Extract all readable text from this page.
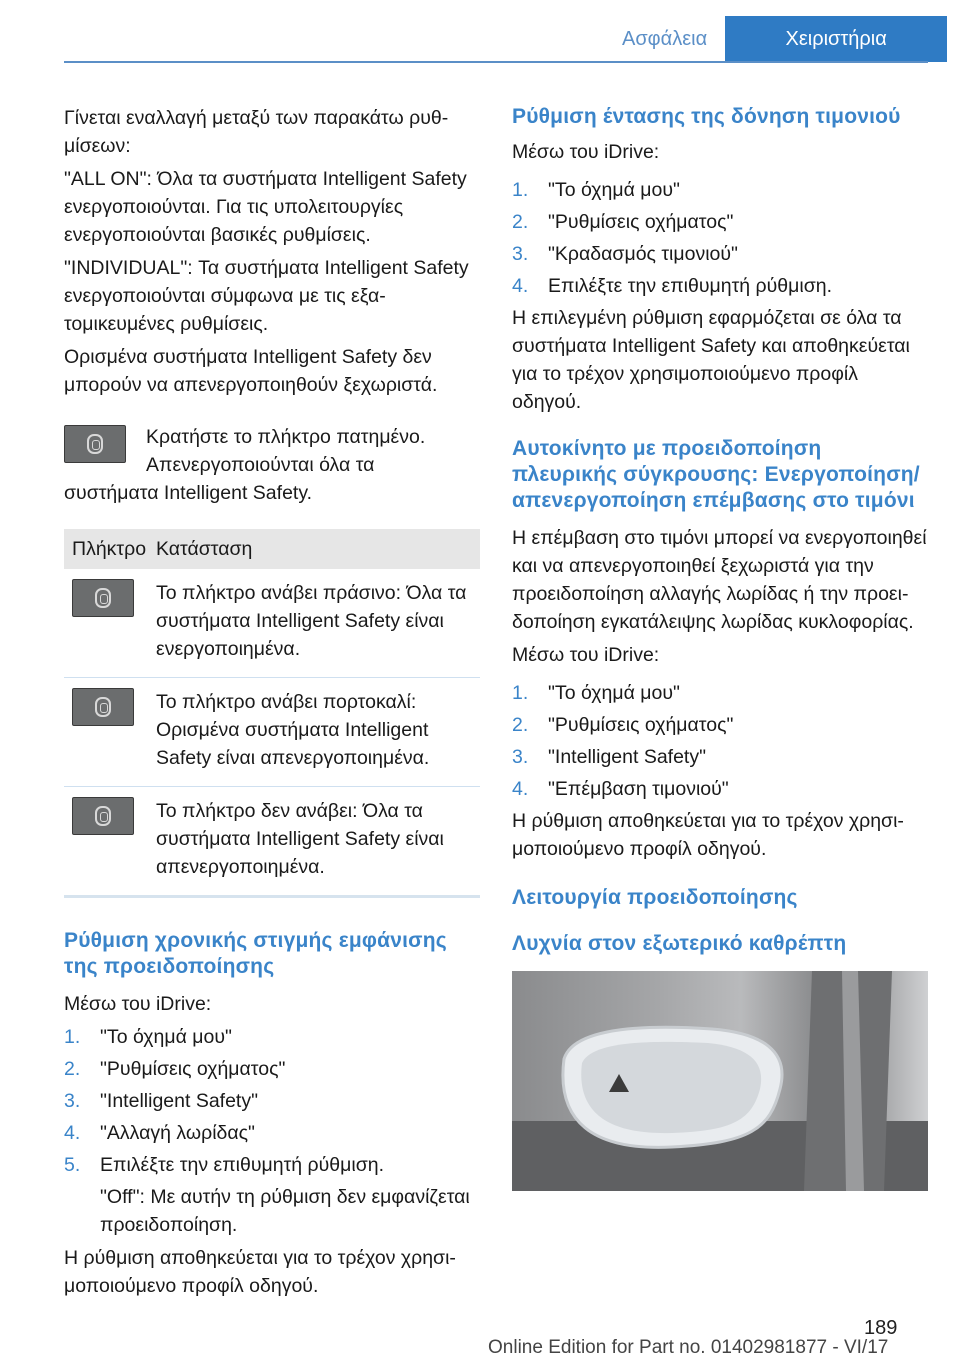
Ασφάλεια	Χειριστήρια

Γίνεται εναλλαγή μεταξύ των παρακάτω ρυθμίσεων:

"ALL ON": Όλα τα συστήματα Intelligent Safety ενεργοποιούνται. Για τις υπολειτουργίες ενεργοποιούνται βασικές ρυθμίσεις.

"INDIVIDUAL": Τα συστήματα Intelligent Safety ενεργοποιούνται σύμφωνα με τις εξατομικευμένες ρυθμίσεις.

Ορισμένα συστήματα Intelligent Safety δεν μπορούν να απενεργοποιηθούν ξεχωριστά.

Κρατήστε το πλήκτρο πατημένο.
Απενεργοποιούνται όλα τα
συστήματα Intelligent Safety.
Πλήκτρο	Κατάσταση

	Το πλήκτρο ανάβει πράσινο: Όλα τα συστήματα Intelligent Safety είναι ενεργοποιημένα.

	Το πλήκτρο ανάβει πορτοκαλί: Ορισμένα συστήματα Intelligent Safety είναι απενεργοποιημένα.

	Το πλήκτρο δεν ανάβει: Όλα τα συστήματα Intelligent Safety είναι απενεργοποιημένα.
Ρύθμιση χρονικής στιγμής εμφάνισης της προειδοποίησης

Μέσω του iDrive:

1. "Το όχημά μου"
2. "Ρυθμίσεις οχήματος"
3. "Intelligent Safety"
4. "Αλλαγή λωρίδας"
5. Επιλέξτε την επιθυμητή ρύθμιση.

"Off": Με αυτήν τη ρύθμιση δεν εμφανίζεται προειδοποίηση.

Η ρύθμιση αποθηκεύεται για το τρέχον χρησιμοποιούμενο προφίλ οδηγού.

Ρύθμιση έντασης της δόνηση τιμονιού

Μέσω του iDrive:

1. "Το όχημά μου"
2. "Ρυθμίσεις οχήματος"
3. "Κραδασμός τιμονιού"
4. Επιλέξτε την επιθυμητή ρύθμιση.

Η επιλεγμένη ρύθμιση εφαρμόζεται σε όλα τα συστήματα Intelligent Safety και αποθηκεύεται για το τρέχον χρησιμοποιούμενο προφίλ οδηγού.

Αυτοκίνητο με προειδοποίηση πλευρικής σύγκρουσης: Ενεργοποίηση/απενεργοποίηση επέμβασης στο τιμόνι

Η επέμβαση στο τιμόνι μπορεί να ενεργοποιηθεί και να απενεργοποιηθεί ξεχωριστά για την προειδοποίηση αλλαγής λωρίδας ή την προειδοποίηση εγκατάλειψης λωρίδας κυκλοφορίας.

Μέσω του iDrive:

1. "Το όχημά μου"
2. "Ρυθμίσεις οχήματος"
3. "Intelligent Safety"
4. "Επέμβαση τιμονιού"

Η ρύθμιση αποθηκεύεται για το τρέχον χρησιμοποιούμενο προφίλ οδηγού.

Λειτουργία προειδοποίησης
Λυχνία στον εξωτερικό καθρέπτη
189
Online Edition for Part no. 01402981877 - VI/17
